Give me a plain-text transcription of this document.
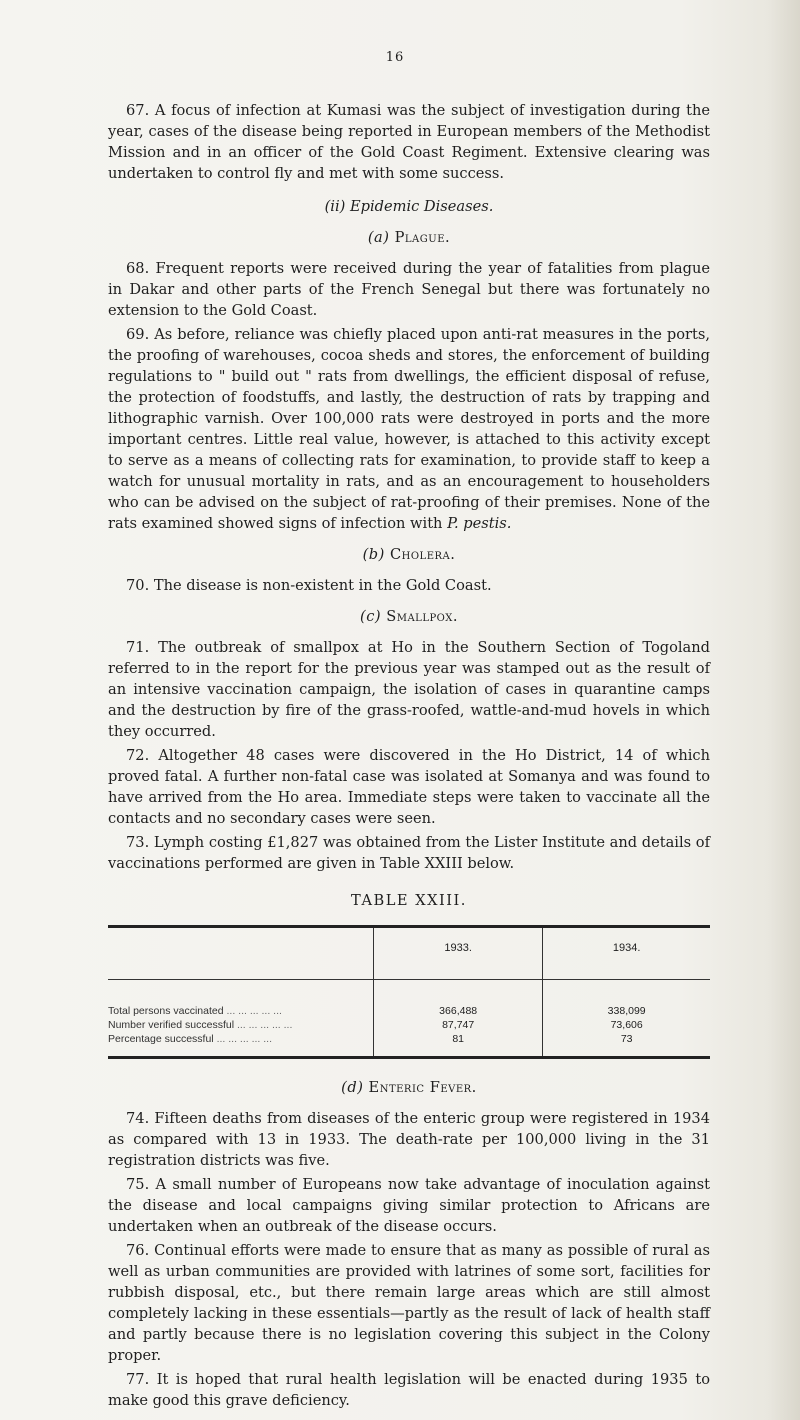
16

67. A focus of infection at Kumasi was the subject of investigation during the year, cases of the disease being reported in European members of the Methodist Mission and in an officer of the Gold Coast Regiment. Extensive clearing was undertaken to control fly and met with some success.

(ii) Epidemic Diseases.
(a) Plague.

68. Frequent reports were received during the year of fatalities from plague in Dakar and other parts of the French Senegal but there was fortunately no extension to the Gold Coast.

69. As before, reliance was chiefly placed upon anti-rat measures in the ports, the proofing of warehouses, cocoa sheds and stores, the enforcement of building regulations to " build out " rats from dwellings, the efficient disposal of refuse, the protection of foodstuffs, and lastly, the destruction of rats by trapping and lithographic varnish. Over 100,000 rats were destroyed in ports and the more important centres. Little real value, however, is attached to this activity except to serve as a means of collecting rats for examination, to provide staff to keep a watch for unusual mortality in rats, and as an encouragement to householders who can be advised on the subject of rat-proofing of their premises. None of the rats examined showed signs of infection with P. pestis.

(b) Cholera.

70. The disease is non-existent in the Gold Coast.

(c) Smallpox.

71. The outbreak of smallpox at Ho in the Southern Section of Togoland referred to in the report for the previous year was stamped out as the result of an intensive vaccination campaign, the isolation of cases in quarantine camps and the destruction by fire of the grass-roofed, wattle-and-mud hovels in which they occurred.

72. Altogether 48 cases were discovered in the Ho District, 14 of which proved fatal. A further non-fatal case was isolated at Somanya and was found to have arrived from the Ho area. Immediate steps were taken to vaccinate all the contacts and no secondary cases were seen.

73. Lymph costing £1,827 was obtained from the Lister Institute and details of vaccinations performed are given in Table XXIII below.

TABLE XXIII.
	1933.	1934.
Total persons vaccinated ... ... ... ... ...	366,488	338,099
Number verified successful ... ... ... ... ...	87,747	73,606
Percentage successful ... ... ... ... ...	81	73
(d) Enteric Fever.

74. Fifteen deaths from diseases of the enteric group were registered in 1934 as compared with 13 in 1933. The death-rate per 100,000 living in the 31 registration districts was five.

75. A small number of Europeans now take advantage of inoculation against the disease and local campaigns giving similar protection to Africans are undertaken when an outbreak of the disease occurs.

76. Continual efforts were made to ensure that as many as possible of rural as well as urban communities are provided with latrines of some sort, facilities for rubbish disposal, etc., but there remain large areas which are still almost completely lacking in these essentials—partly as the result of lack of health staff and partly because there is no legislation covering this subject in the Colony proper.

77. It is hoped that rural health legislation will be enacted during 1935 to make good this grave deficiency.
